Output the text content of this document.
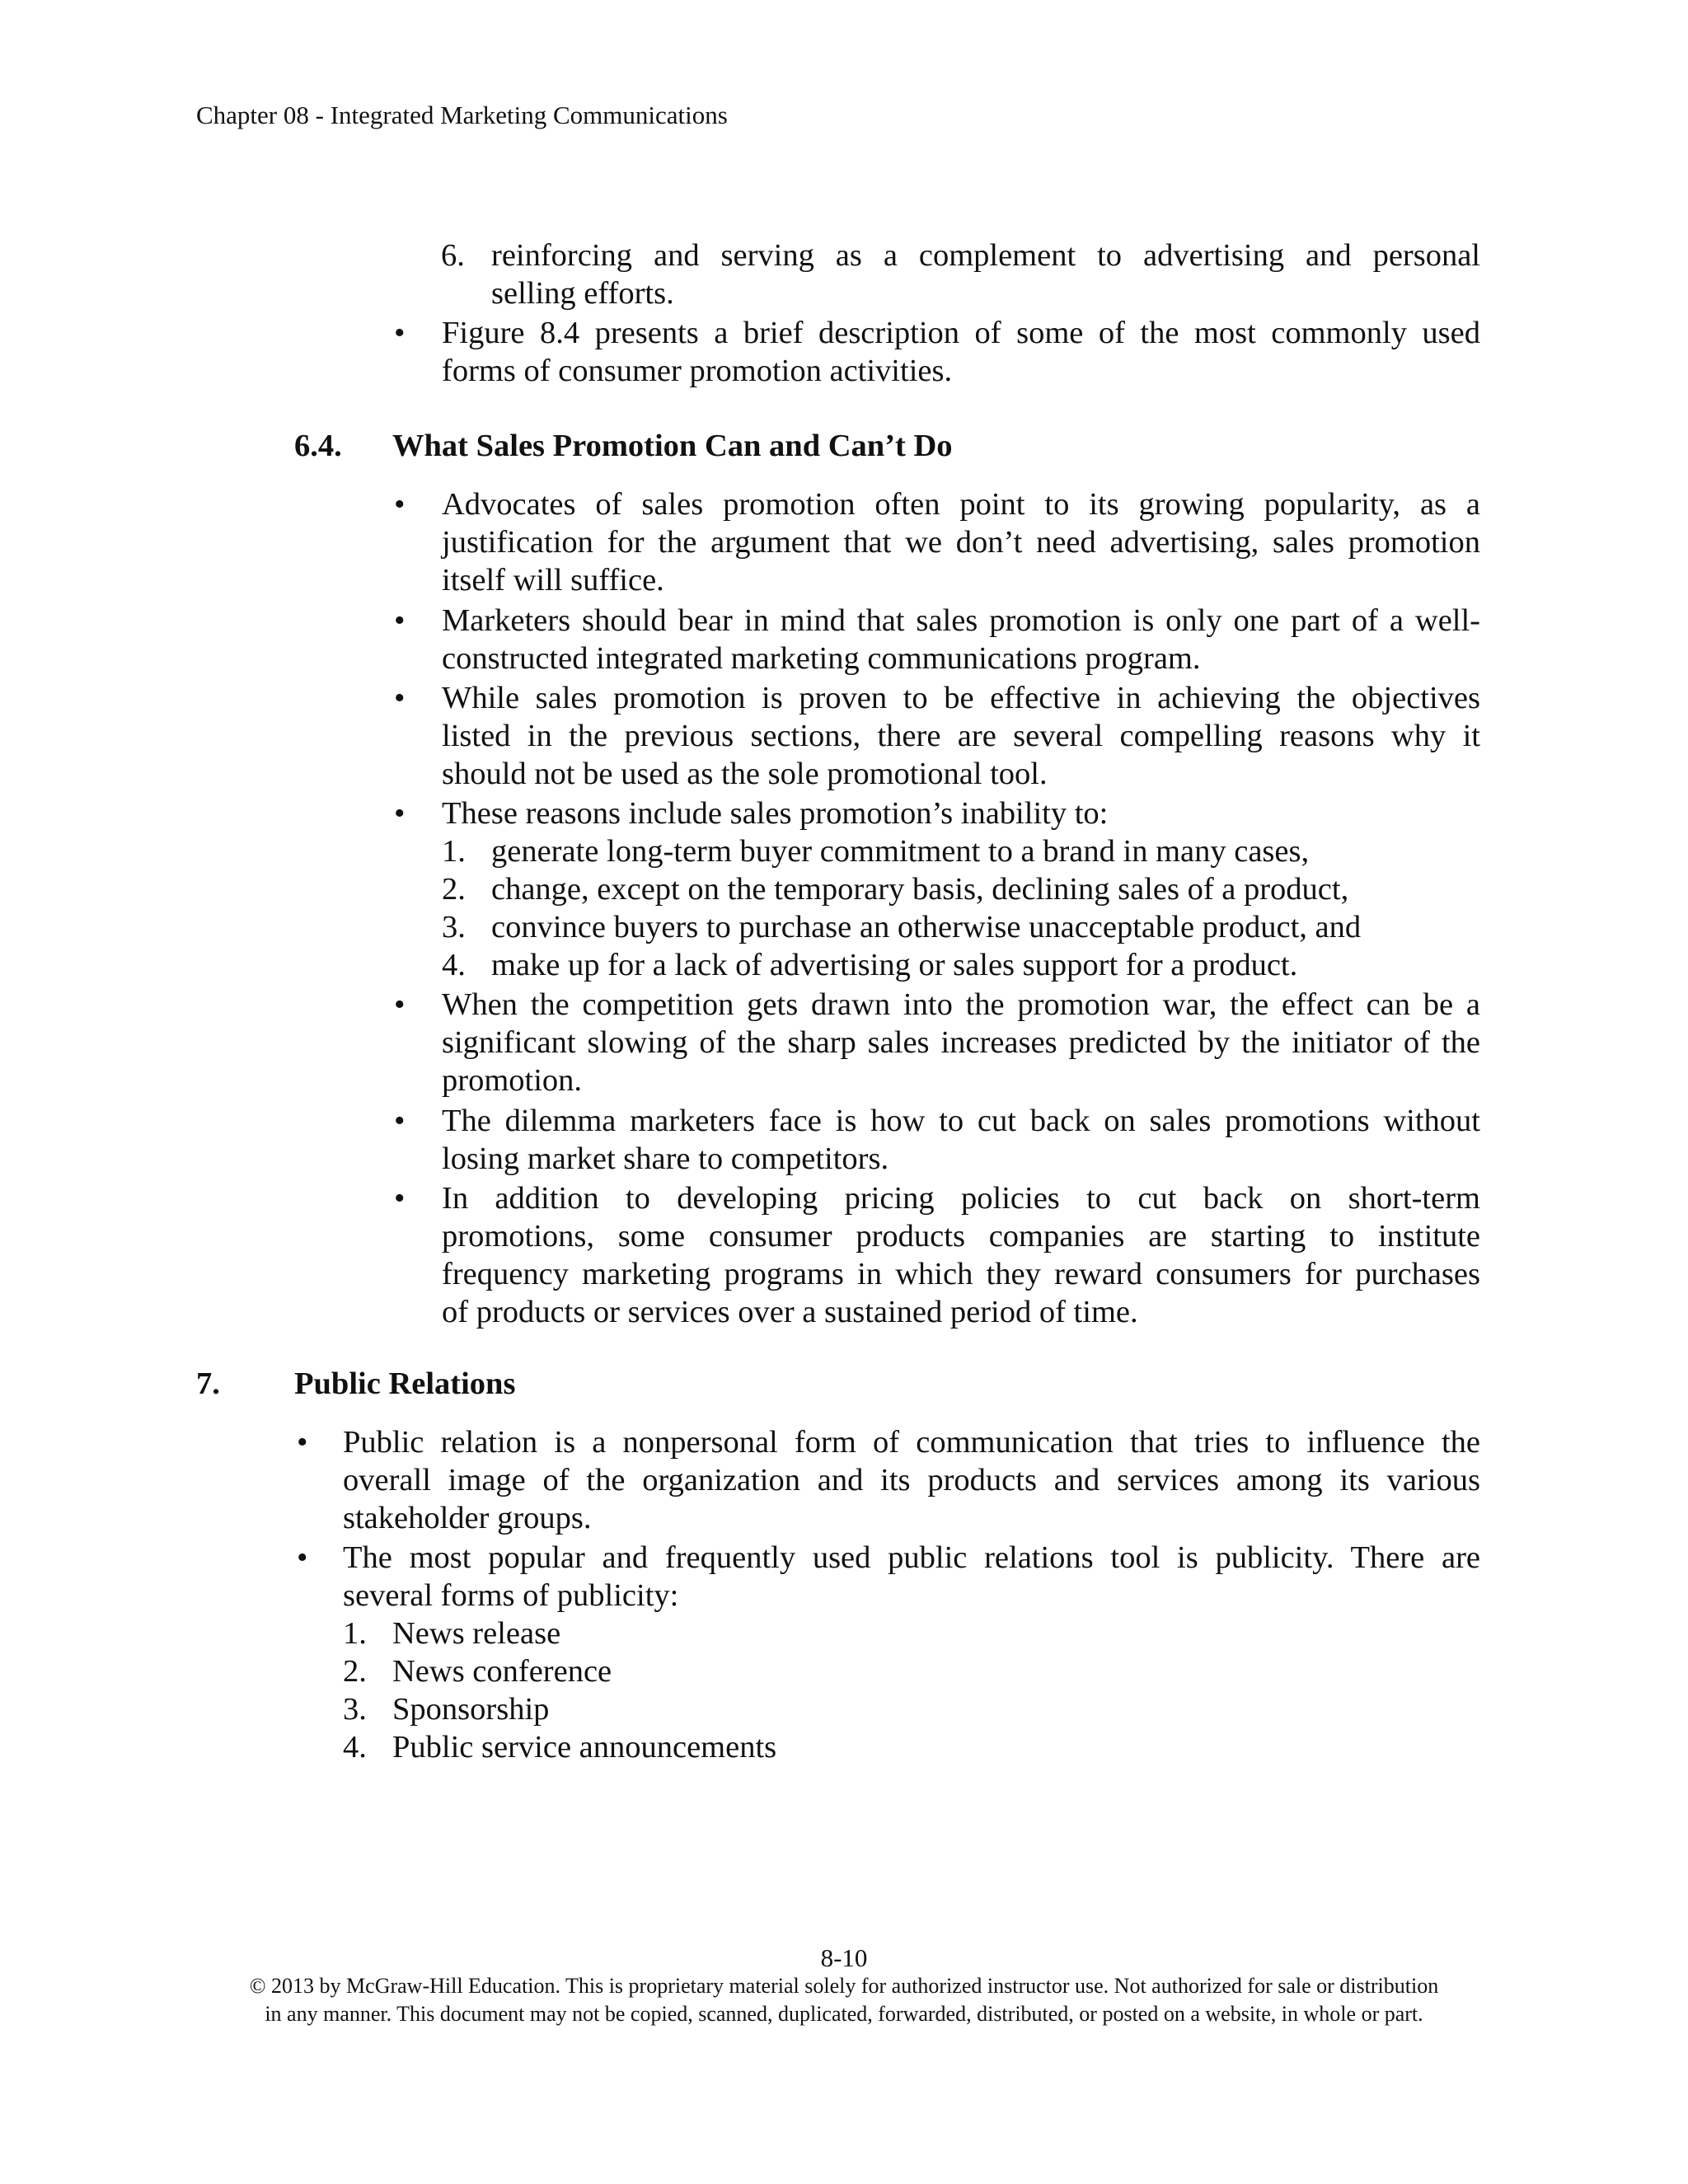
Chapter 08 - Integrated Marketing Communications
6. reinforcing and serving as a complement to advertising and personal
selling efforts.
• Figure 8.4 presents a brief description of some of the most commonly used
forms of consumer promotion activities.
6.4. What Sales Promotion Can and Can’t Do
• Advocates of sales promotion often point to its growing popularity, as a
justification for the argument that we don’t need advertising, sales promotion
itself will suffice.
• Marketers should bear in mind that sales promotion is only one part of a well-
constructed integrated marketing communications program.
• While sales promotion is proven to be effective in achieving the objectives
listed in the previous sections, there are several compelling reasons why it
should not be used as the sole promotional tool.
• These reasons include sales promotion’s inability to:
1. generate long-term buyer commitment to a brand in many cases,
2. change, except on the temporary basis, declining sales of a product,
3. convince buyers to purchase an otherwise unacceptable product, and
4. make up for a lack of advertising or sales support for a product.
• When the competition gets drawn into the promotion war, the effect can be a
significant slowing of the sharp sales increases predicted by the initiator of the
promotion.
• The dilemma marketers face is how to cut back on sales promotions without
losing market share to competitors.
• In addition to developing pricing policies to cut back on short-term
promotions, some consumer products companies are starting to institute
frequency marketing programs in which they reward consumers for purchases
of products or services over a sustained period of time.
7. Public Relations
• Public relation is a nonpersonal form of communication that tries to influence the
overall image of the organization and its products and services among its various
stakeholder groups.
• The most popular and frequently used public relations tool is publicity. There are
several forms of publicity:
1. News release
2. News conference
3. Sponsorship
4. Public service announcements
8-10
© 2013 by McGraw-Hill Education. This is proprietary material solely for authorized instructor use. Not authorized for sale or distribution
in any manner. This document may not be copied, scanned, duplicated, forwarded, distributed, or posted on a website, in whole or part.
